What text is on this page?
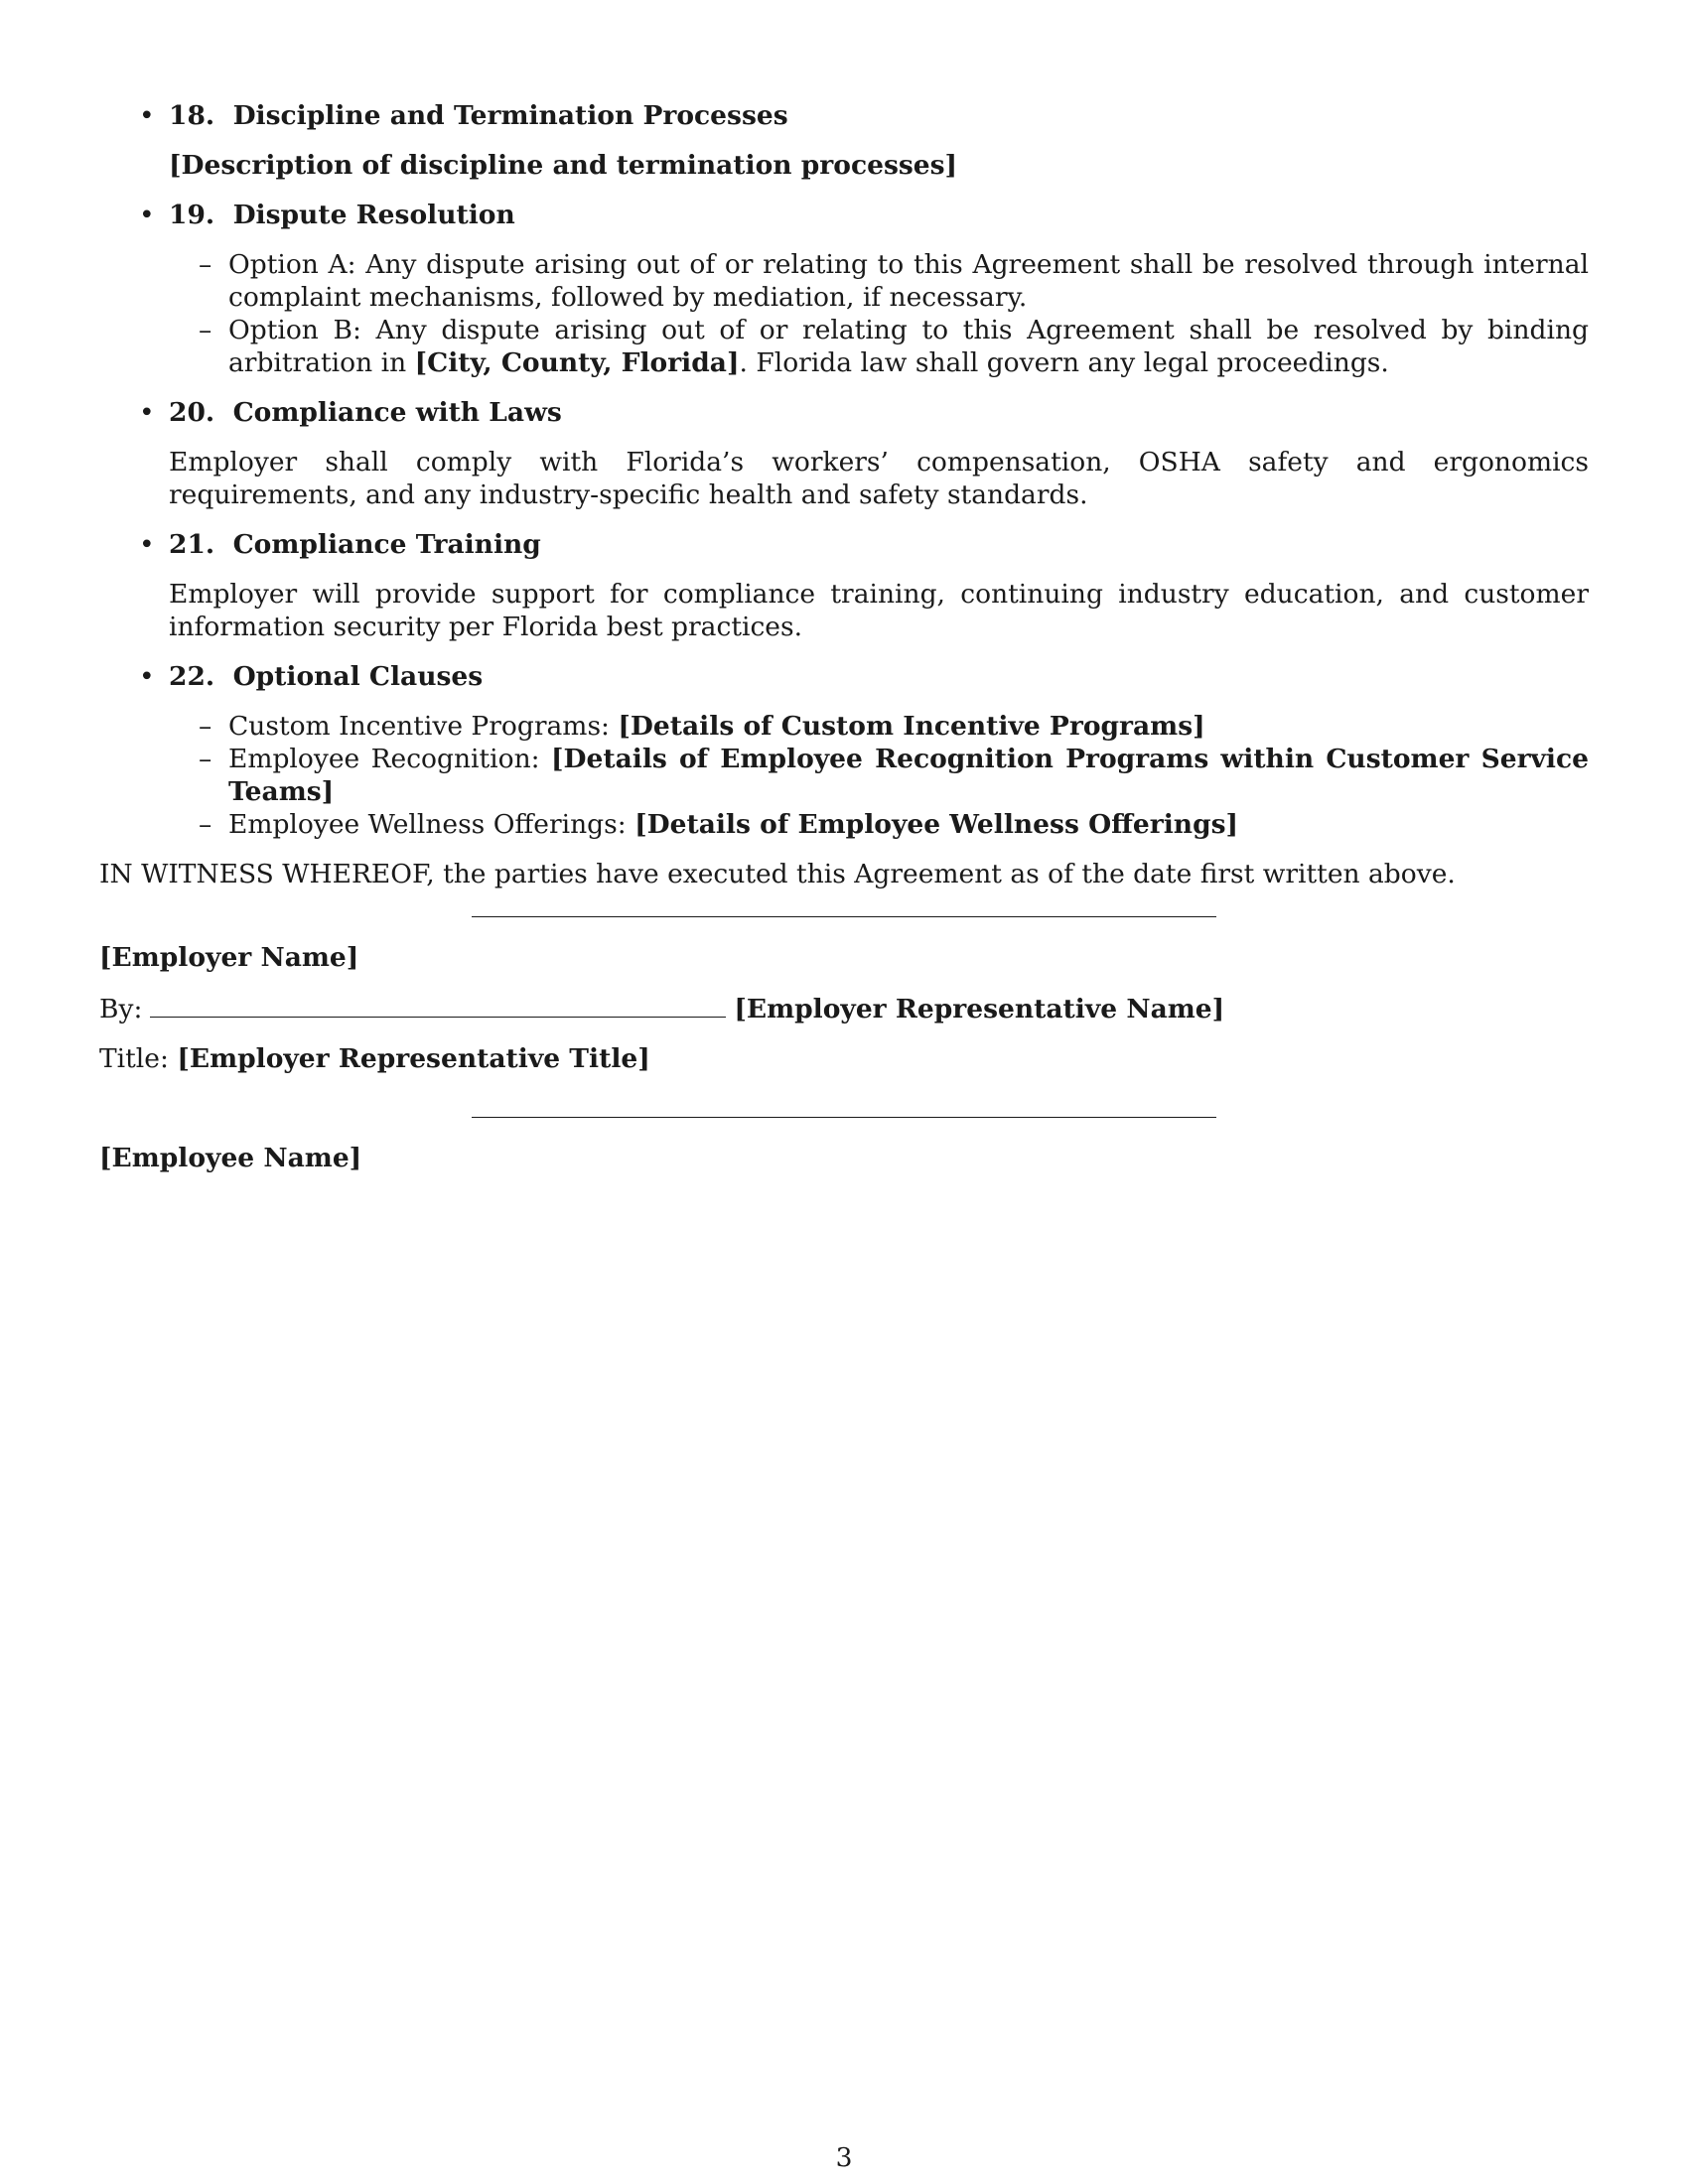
• 18. Discipline and Termination Processes

[Description of discipline and termination processes]

• 19. Dispute Resolution
– Option A: Any dispute arising out of or relating to this Agreement shall be resolved through internal complaint mechanisms, followed by mediation, if necessary.
– Option B: Any dispute arising out of or relating to this Agreement shall be resolved by binding arbitration in [City, County, Florida]. Florida law shall govern any legal proceedings.
• 20. Compliance with Laws

Employer shall comply with Florida’s workers’ compensation, OSHA safety and ergonomics requirements, and any industry-specific health and safety standards.

• 21. Compliance Training

Employer will provide support for compliance training, continuing industry education, and customer information security per Florida best practices.

• 22. Optional Clauses
– Custom Incentive Programs: [Details of Custom Incentive Programs]
– Employee Recognition: [Details of Employee Recognition Programs within Customer Service Teams]
– Employee Wellness Offerings: [Details of Employee Wellness Offerings]

IN WITNESS WHEREOF, the parties have executed this Agreement as of the date first written above.

[Employer Name]

By:	[Employer Representative Name]

Title: [Employer Representative Title]

[Employee Name]

3
